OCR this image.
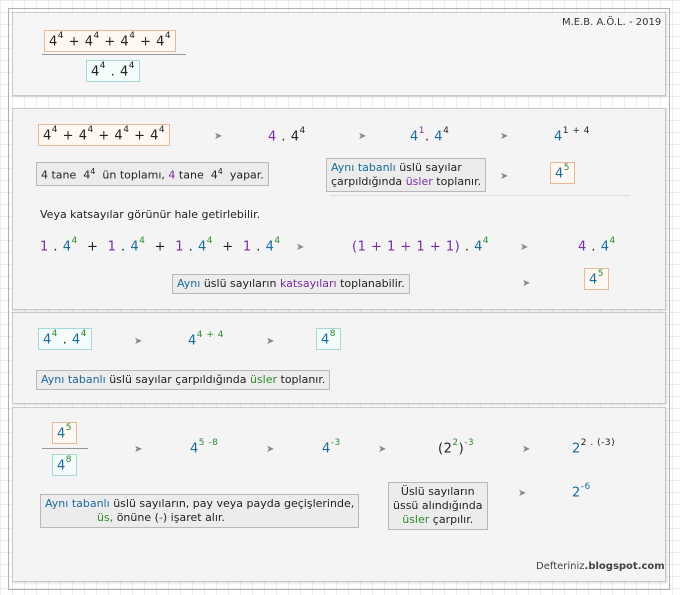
M.E.B. A.Ö.L. - 2019
$4^4 + 4^4 + 4^4 + 4^4$
$4^4$ . $4^4$
$4^4 + 4^4 + 4^4 + 4^4$
➤	4 . $4^4$	➤	$4^1$. $4^4$	➤	$4^{1 + 4}$
4 tane $4^4$ ün toplamı, 4 tane $4^4$ yapar.
Aynı tabanlı üslü sayılar
çarpıldığında üsler toplanır.	➤	$4^5$
Veya katsayılar görünür hale getirlebilir.
1 . $4^4 + 1$ . $4^4 + 1$ . $4^4 + 1$ . $4^4$
➤	(1 + 1 + 1 + 1) . $4^4$
➤	4 . $4^4$
Aynı üslü sayıların katsayıları toplanabilir.	➤	$4^5$
$4^4$ . $4^4$
➤	$4^{4 + 4}$
➤	$4^8$
Aynı tabanlı üslü sayılar çarpıldığında üsler toplanır.
$4^5$
$4^8$
➤	4$^{5 -8}$
➤	$4^{-3}$
➤	$(2^2)^{-3}$
➤	$2^{2 . (-3)}$
Aynı tabanlı üslü sayıların, pay veya payda geçişlerinde,
üs, önüne (-) işaret alır.
Üslü sayıların
üssü alındığında
üsler çarpılır.
➤	$2^{-6}$
Defteriniz.blogspot.com
